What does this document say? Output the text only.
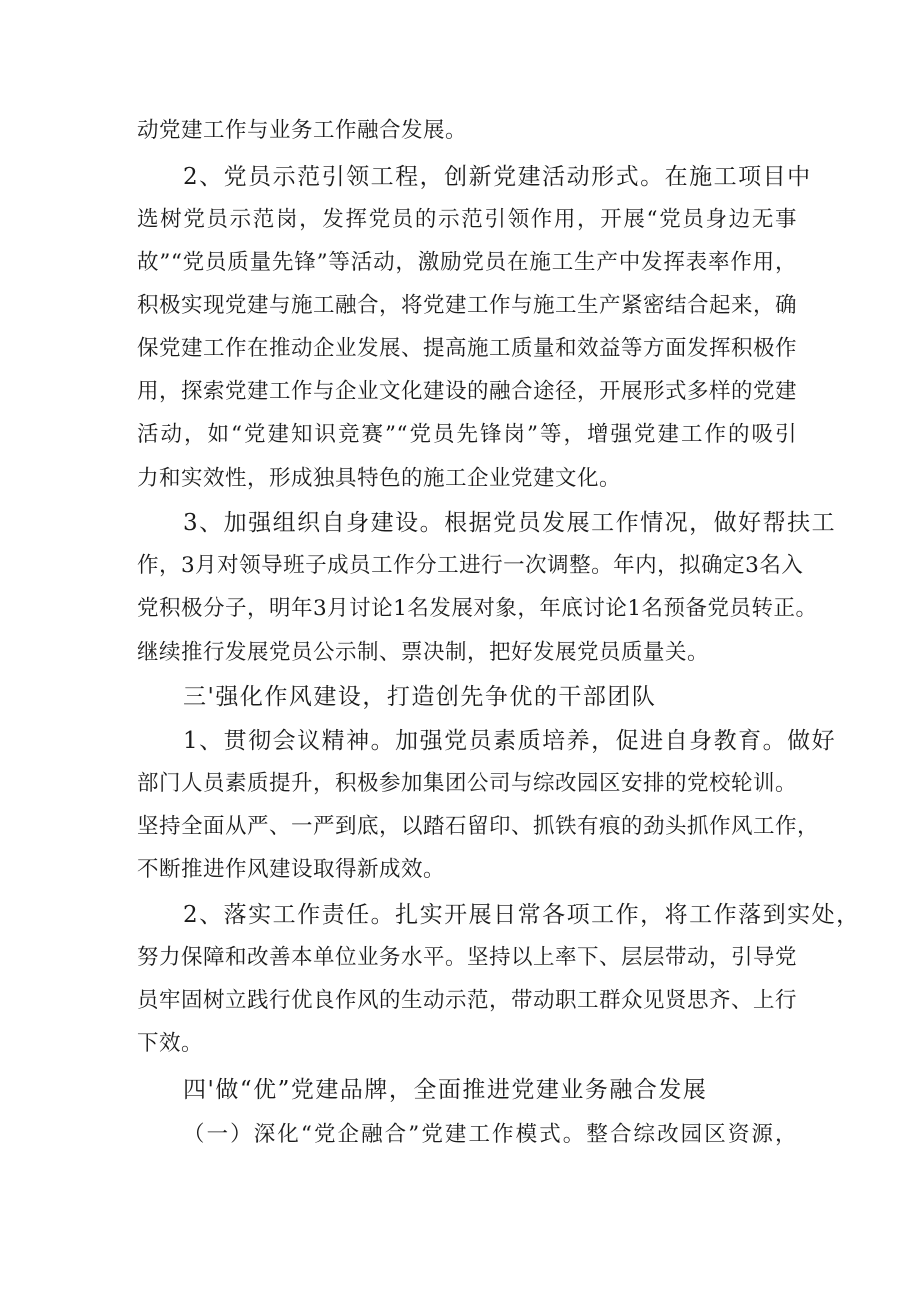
动党建工作与业务工作融合发展。
2、党员示范引领工程，创新党建活动形式。在施工项目中
选树党员示范岗，发挥党员的示范引领作用，开展“党员身边无事
故”“党员质量先锋”等活动，激励党员在施工生产中发挥表率作用，
积极实现党建与施工融合，将党建工作与施工生产紧密结合起来，确
保党建工作在推动企业发展、提高施工质量和效益等方面发挥积极作
用，探索党建工作与企业文化建设的融合途径，开展形式多样的党建
活动，如“党建知识竞赛”“党员先锋岗”等，增强党建工作的吸引
力和实效性，形成独具特色的施工企业党建文化。
3、加强组织自身建设。根据党员发展工作情况，做好帮扶工
作，3月对领导班子成员工作分工进行一次调整。年内，拟确定3名入
党积极分子，明年3月讨论1名发展对象，年底讨论1名预备党员转正。
继续推行发展党员公示制、票决制，把好发展党员质量关。
三'强化作风建设，打造创先争优的干部团队
1、贯彻会议精神。加强党员素质培养，促进自身教育。做好
部门人员素质提升，积极参加集团公司与综改园区安排的党校轮训。
坚持全面从严、一严到底，以踏石留印、抓铁有痕的劲头抓作风工作，
不断推进作风建设取得新成效。
2、落实工作责任。扎实开展日常各项工作，将工作落到实处，
努力保障和改善本单位业务水平。坚持以上率下、层层带动，引导党
员牢固树立践行优良作风的生动示范，带动职工群众见贤思齐、上行
下效。
四'做“优”党建品牌，全面推进党建业务融合发展
（一）深化“党企融合”党建工作模式。整合综改园区资源，
